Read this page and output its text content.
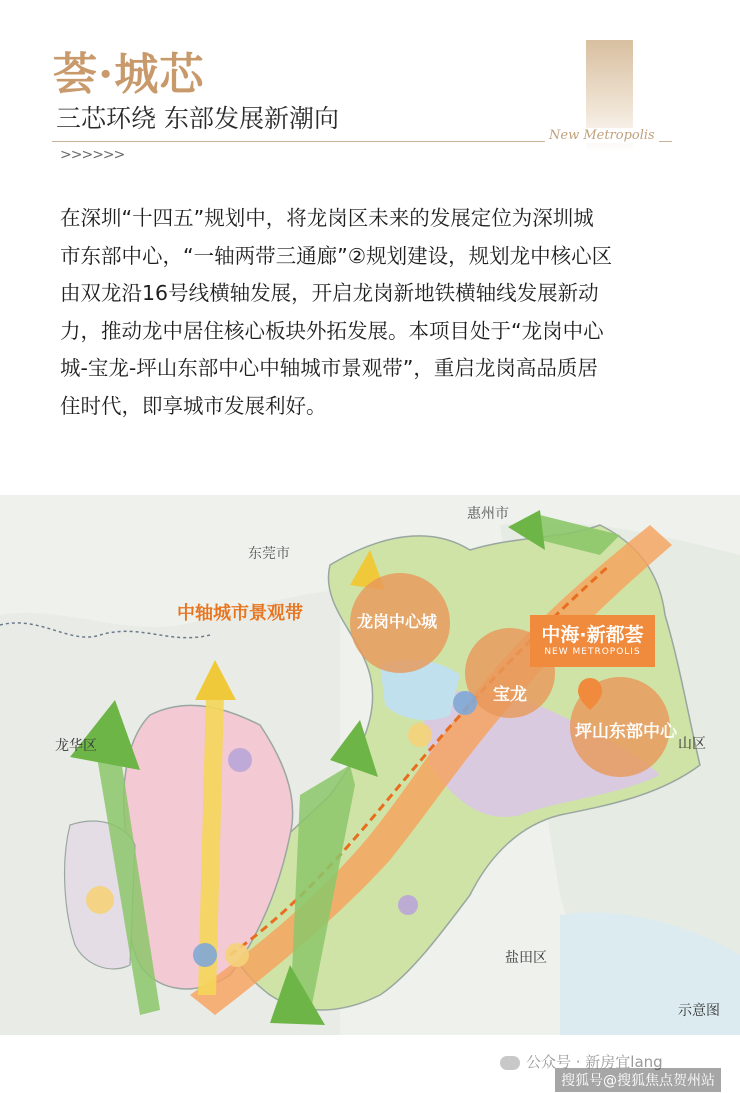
荟·城芯
三芯环绕 东部发展新潮向
New Metropolis
>>>>>>
在深圳“十四五”规划中，将龙岗区未来的发展定位为深圳城
市东部中心，“一轴两带三通廊”②规划建设，规划龙中核心区
由双龙沿16号线横轴发展，开启龙岗新地铁横轴线发展新动
力，推动龙中居住核心板块外拓发展。本项目处于“龙岗中心
城-宝龙-坪山东部中心中轴城市景观带”，重启龙岗高品质居
住时代，即享城市发展利好。
中轴城市景观带
中海·新都荟
NEW METROPOLIS
龙岗中心城
宝龙
坪山东部中心
惠州市
东莞市
龙华区
盐田区
山区
示意图
公众号 · 新房宜lang
搜狐号@搜狐焦点贺州站
